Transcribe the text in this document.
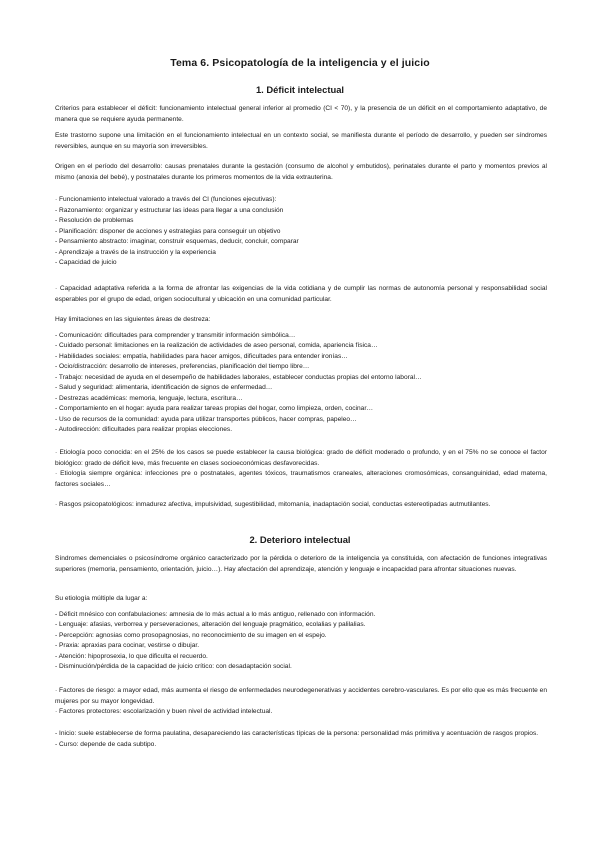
Tema 6. Psicopatología de la inteligencia y el juicio
1. Déficit intelectual

Criterios para establecer el déficit: funcionamiento intelectual general inferior al promedio (CI < 70), y la presencia de un déficit en el comportamiento adaptativo, de manera que se requiere ayuda permanente.

Este trastorno supone una limitación en el funcionamiento intelectual en un contexto social, se manifiesta durante el período de desarrollo, y pueden ser síndromes reversibles, aunque en su mayoría son irreversibles.

Origen en el período del desarrollo: causas prenatales durante la gestación (consumo de alcohol y embutidos), perinatales durante el parto y momentos previos al mismo (anoxia del bebé), y postnatales durante los primeros momentos de la vida extrauterina.

· Funcionamiento intelectual valorado a través del CI (funciones ejecutivas):

- Razonamiento: organizar y estructurar las ideas para llegar a una conclusión

- Resolución de problemas

- Planificación: disponer de acciones y estrategias para conseguir un objetivo

- Pensamiento abstracto: imaginar, construir esquemas, deducir, concluir, comparar

- Aprendizaje a través de la instrucción y la experiencia

- Capacidad de juicio

· Capacidad adaptativa referida a la forma de afrontar las exigencias de la vida cotidiana y de cumplir las normas de autonomía personal y responsabilidad social esperables por el grupo de edad, origen sociocultural y ubicación en una comunidad particular.

Hay limitaciones en las siguientes áreas de destreza:

- Comunicación: dificultades para comprender y transmitir información simbólica…

- Cuidado personal: limitaciones en la realización de actividades de aseo personal, comida, apariencia física…

- Habilidades sociales: empatía, habilidades para hacer amigos, dificultades para entender ironías…

- Ocio/distracción: desarrollo de intereses, preferencias, planificación del tiempo libre…

- Trabajo: necesidad de ayuda en el desempeño de habilidades laborales, establecer conductas propias del entorno laboral…

- Salud y seguridad: alimentaria, identificación de signos de enfermedad…

- Destrezas académicas: memoria, lenguaje, lectura, escritura…

- Comportamiento en el hogar: ayuda para realizar tareas propias del hogar, como limpieza, orden, cocinar…

- Uso de recursos de la comunidad: ayuda para utilizar transportes públicos, hacer compras, papeleo…

- Autodirección: dificultades para realizar propias elecciones.

· Etiología poco conocida: en el 25% de los casos se puede establecer la causa biológica: grado de déficit moderado o profundo, y en el 75% no se conoce el factor biológico: grado de déficit leve, más frecuente en clases socioeconómicas desfavorecidas.

· Etiología siempre orgánica: infecciones pre o postnatales, agentes tóxicos, traumatismos craneales, alteraciones cromosómicas, consanguinidad, edad materna, factores sociales…

· Rasgos psicopatológicos: inmadurez afectiva, impulsividad, sugestibilidad, mitomanía, inadaptación social, conductas estereotipadas autmutilantes.

2. Deterioro intelectual

Síndromes demenciales o psicosíndrome orgánico caracterizado por la pérdida o deterioro de la inteligencia ya constituida, con afectación de funciones integrativas superiores (memoria, pensamiento, orientación, juicio…). Hay afectación del aprendizaje, atención y lenguaje e incapacidad para afrontar situaciones nuevas.

Su etiología múltiple da lugar a:

- Déficit mnésico con confabulaciones: amnesia de lo más actual a lo más antiguo, rellenado con información.

- Lenguaje: afasias, verborrea y perseveraciones, alteración del lenguaje pragmático, ecolalias y palilalias.

- Percepción: agnosias como prosopagnosias, no reconocimiento de su imagen en el espejo.

- Praxia: apraxias para cocinar, vestirse o dibujar.

- Atención: hipoprosexia, lo que dificulta el recuerdo.

- Disminución/pérdida de la capacidad de juicio crítico: con desadaptación social.

· Factores de riesgo: a mayor edad, más aumenta el riesgo de enfermedades neurodegenerativas y accidentes cerebro-vasculares. Es por ello que es más frecuente en mujeres por su mayor longevidad.

· Factores protectores: escolarización y buen nivel de actividad intelectual.

- Inicio: suele establecerse de forma paulatina, desapareciendo las características típicas de la persona: personalidad más primitiva y acentuación de rasgos propios.

- Curso: depende de cada subtipo.
